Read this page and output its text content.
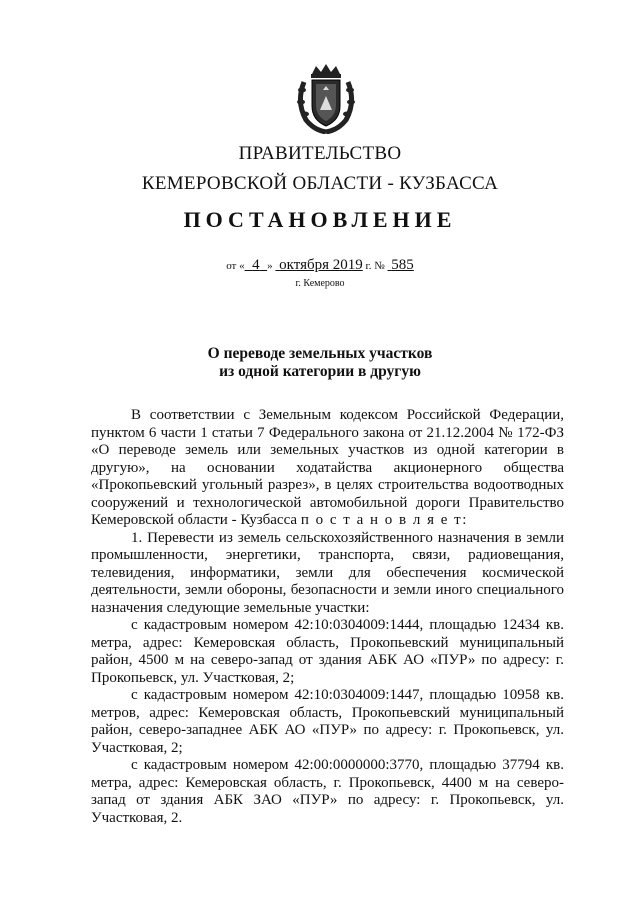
ПРАВИТЕЛЬСТВО
КЕМЕРОВСКОЙ ОБЛАСТИ - КУЗБАССА
ПОСТАНОВЛЕНИЕ
от « 4 » октября 2019 г. № 585
г. Кемерово
О переводе земельных участков
из одной категории в другую

В соответствии с Земельным кодексом Российской Федерации, пунктом 6 части 1 статьи 7 Федерального закона от 21.12.2004 № 172-ФЗ «О переводе земель или земельных участков из одной категории в другую», на основании ходатайства акционерного общества «Прокопьевский угольный разрез», в целях строительства водоотводных сооружений и технологической автомобильной дороги Правительство Кемеровской области - Кузбасса п о с т а н о в л я е т:

1. Перевести из земель сельскохозяйственного назначения в земли промышленности, энергетики, транспорта, связи, радиовещания, телевидения, информатики, земли для обеспечения космической деятельности, земли обороны, безопасности и земли иного специального назначения следующие земельные участки:

с кадастровым номером 42:10:0304009:1444, площадью 12434 кв. метра, адрес: Кемеровская область, Прокопьевский муниципальный район, 4500 м на северо-запад от здания АБК АО «ПУР» по адресу: г. Прокопьевск, ул. Участковая, 2;

с кадастровым номером 42:10:0304009:1447, площадью 10958 кв. метров, адрес: Кемеровская область, Прокопьевский муниципальный район, северо-западнее АБК АО «ПУР» по адресу: г. Прокопьевск, ул. Участковая, 2;

с кадастровым номером 42:00:0000000:3770, площадью 37794 кв. метра, адрес: Кемеровская область, г. Прокопьевск, 4400 м на северо-запад от здания АБК ЗАО «ПУР» по адресу: г. Прокопьевск, ул. Участковая, 2.
